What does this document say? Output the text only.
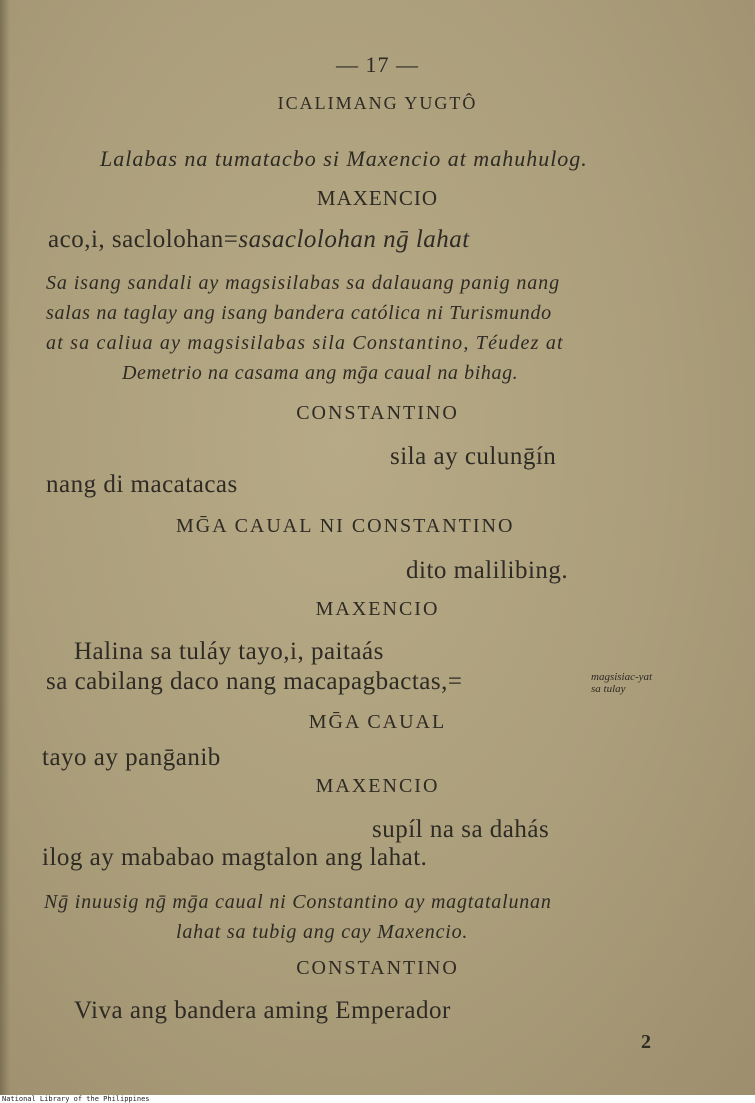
— 17 —
ICALIMANG YUGTÔ
Lalabas na tumatacbo si Maxencio at mahuhulog.
MAXENCIO
aco,i, saclolohan=sasaclolohan nḡ lahat
Sa isang sandali ay magsisilabas sa dalauang panig nang
salas na taglay ang isang bandera católica ni Turismundo
at sa caliua ay magsisilabas sila Constantino, Téudez at
Demetrio na casama ang mḡa caual na bihag.
CONSTANTINO
sila ay culunḡín
nang di macatacas
MḠA CAUAL NI CONSTANTINO
dito malilibing.
MAXENCIO
Halina sa tuláy tayo,i, paitaás
sa cabilang daco nang macapagbactas,=	magsisiac-yat
sa tulay
MḠA CAUAL
tayo ay panḡanib
MAXENCIO
supíl na sa dahás
ilog ay mababao magtalon ang lahat.
Nḡ inuusig nḡ mḡa caual ni Constantino ay magtatalunan
lahat sa tubig ang cay Maxencio.
CONSTANTINO
Viva ang bandera aming Emperador
2
National Library of the Philippines
